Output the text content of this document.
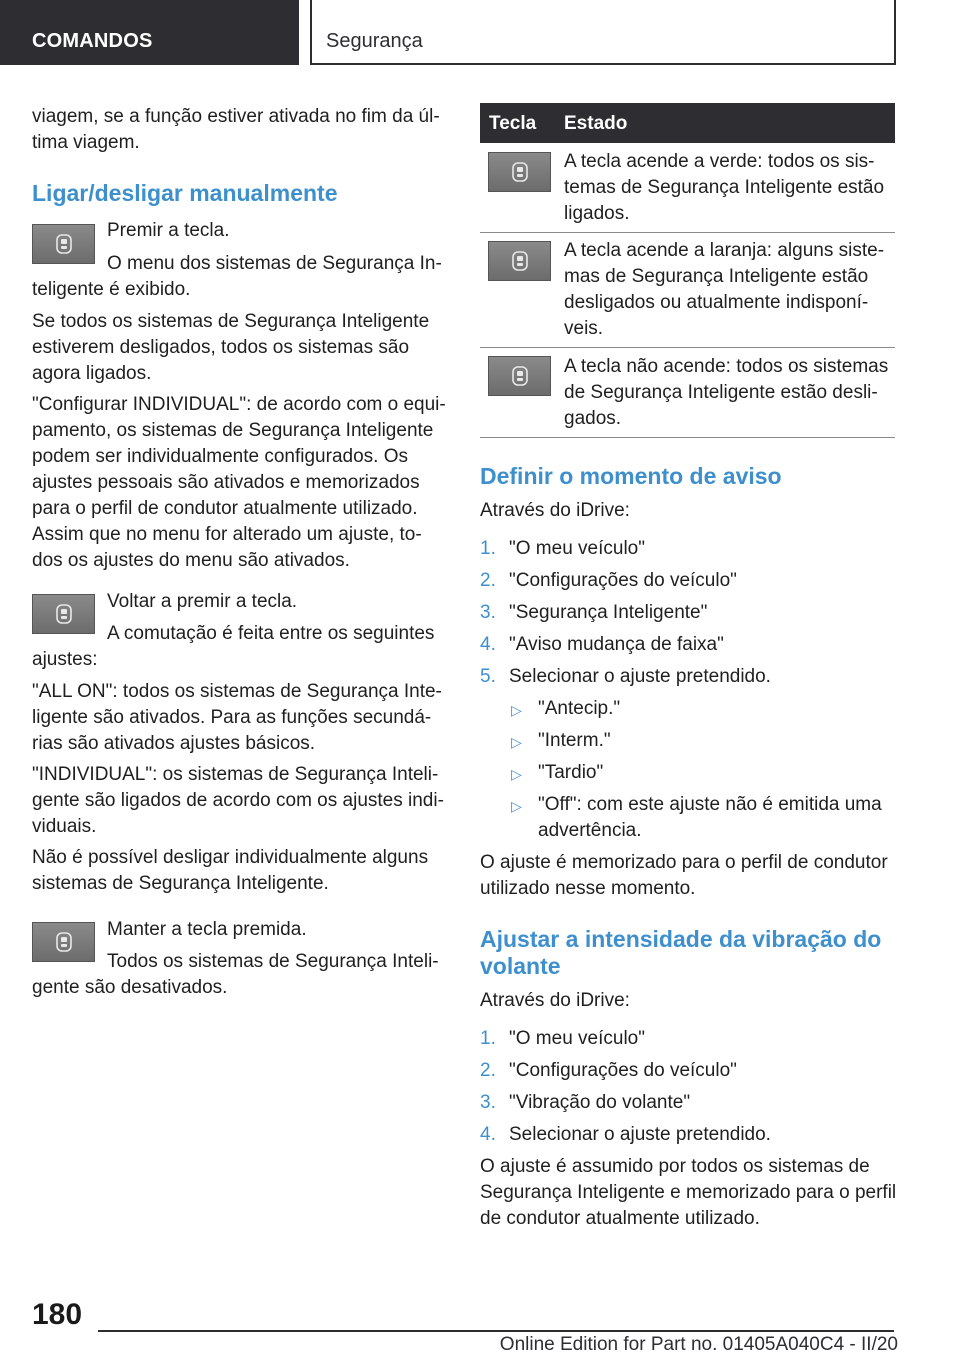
COMANDOS	Segurança
viagem, se a função estiver ativada no fim da úl-
tima viagem.
Ligar/desligar manualmente
Premir a tecla.
O menu dos sistemas de Segurança In-
teligente é exibido.
Se todos os sistemas de Segurança Inteligente
estiverem desligados, todos os sistemas são
agora ligados.
"Configurar INDIVIDUAL": de acordo com o equi-
pamento, os sistemas de Segurança Inteligente
podem ser individualmente configurados. Os
ajustes pessoais são ativados e memorizados
para o perfil de condutor atualmente utilizado.
Assim que no menu for alterado um ajuste, to-
dos os ajustes do menu são ativados.
Voltar a premir a tecla.
A comutação é feita entre os seguintes
ajustes:
"ALL ON": todos os sistemas de Segurança Inte-
ligente são ativados. Para as funções secundá-
rias são ativados ajustes básicos.
"INDIVIDUAL": os sistemas de Segurança Inteli-
gente são ligados de acordo com os ajustes indi-
viduais.
Não é possível desligar individualmente alguns
sistemas de Segurança Inteligente.
Manter a tecla premida.
Todos os sistemas de Segurança Inteli-
gente são desativados.
Tecla Estado
A tecla acende a verde: todos os sis-
temas de Segurança Inteligente estão
ligados.
A tecla acende a laranja: alguns siste-
mas de Segurança Inteligente estão
desligados ou atualmente indisponí-
veis.
A tecla não acende: todos os sistemas
de Segurança Inteligente estão desli-
gados.
Definir o momento de aviso
Através do iDrive:
1. "O meu veículo"
2. "Configurações do veículo"
3. "Segurança Inteligente"
4. "Aviso mudança de faixa"
5. Selecionar o ajuste pretendido.
▷ "Antecip."
▷ "Interm."
▷ "Tardio"
▷ "Off": com este ajuste não é emitida uma
advertência.
O ajuste é memorizado para o perfil de condutor
utilizado nesse momento.
Ajustar a intensidade da vibração do
volante
Através do iDrive:
1. "O meu veículo"
2. "Configurações do veículo"
3. "Vibração do volante"
4. Selecionar o ajuste pretendido.
O ajuste é assumido por todos os sistemas de
Segurança Inteligente e memorizado para o perfil
de condutor atualmente utilizado.
180
Online Edition for Part no. 01405A040C4 - II/20
